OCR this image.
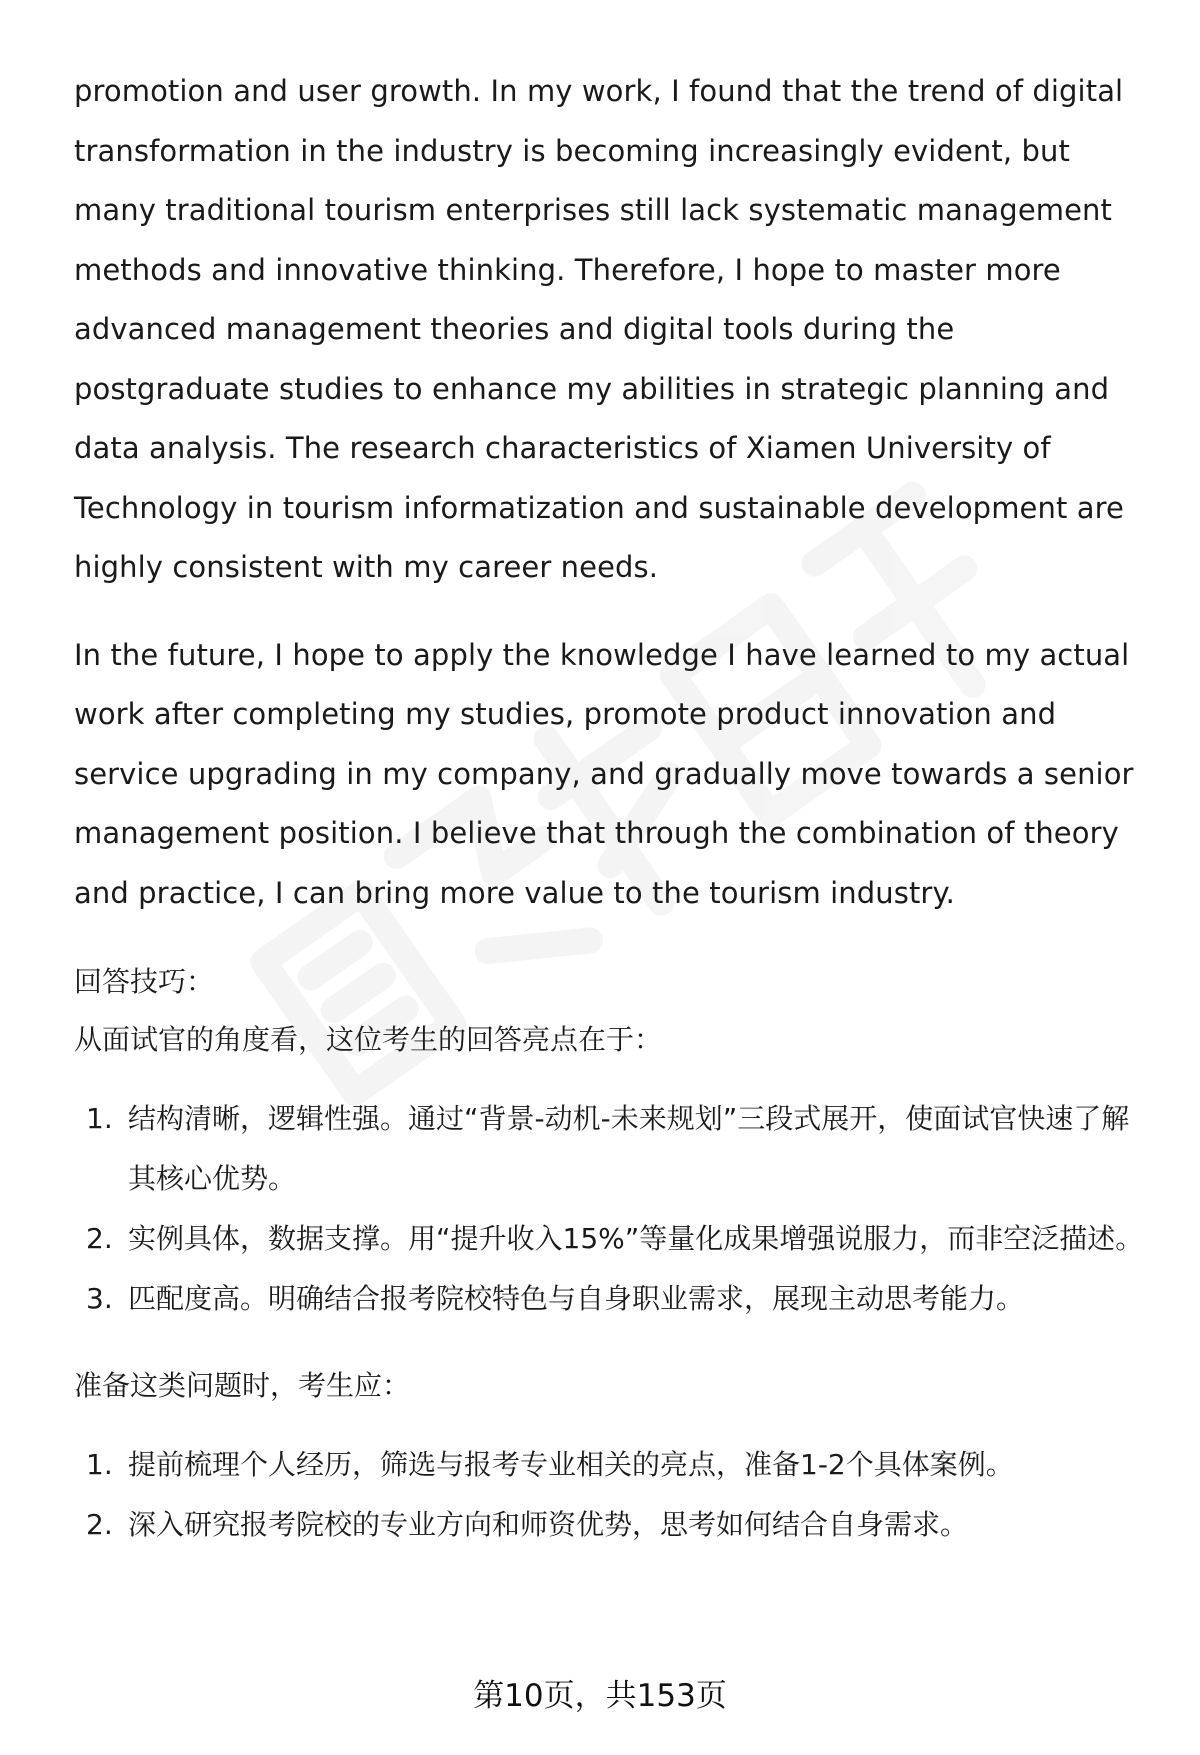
promotion and user growth. In my work, I found that the trend of digital transformation in the industry is becoming increasingly evident, but many traditional tourism enterprises still lack systematic management methods and innovative thinking. Therefore, I hope to master more advanced management theories and digital tools during the postgraduate studies to enhance my abilities in strategic planning and data analysis. The research characteristics of Xiamen University of Technology in tourism informatization and sustainable development are highly consistent with my career needs.

In the future, I hope to apply the knowledge I have learned to my actual work after completing my studies, promote product innovation and service upgrading in my company, and gradually move towards a senior management position. I believe that through the combination of theory and practice, I can bring more value to the tourism industry.

回答技巧：

从面试官的角度看，这位考生的回答亮点在于：

1. 结构清晰，逻辑性强。通过“背景-动机-未来规划”三段式展开，使面试官快速了解其核心优势。
2. 实例具体，数据支撑。用“提升收入15%”等量化成果增强说服力，而非空泛描述。
3. 匹配度高。明确结合报考院校特色与自身职业需求，展现主动思考能力。

准备这类问题时，考生应：

1. 提前梳理个人经历，筛选与报考专业相关的亮点，准备1-2个具体案例。
2. 深入研究报考院校的专业方向和师资优势，思考如何结合自身需求。
第10页，共153页
